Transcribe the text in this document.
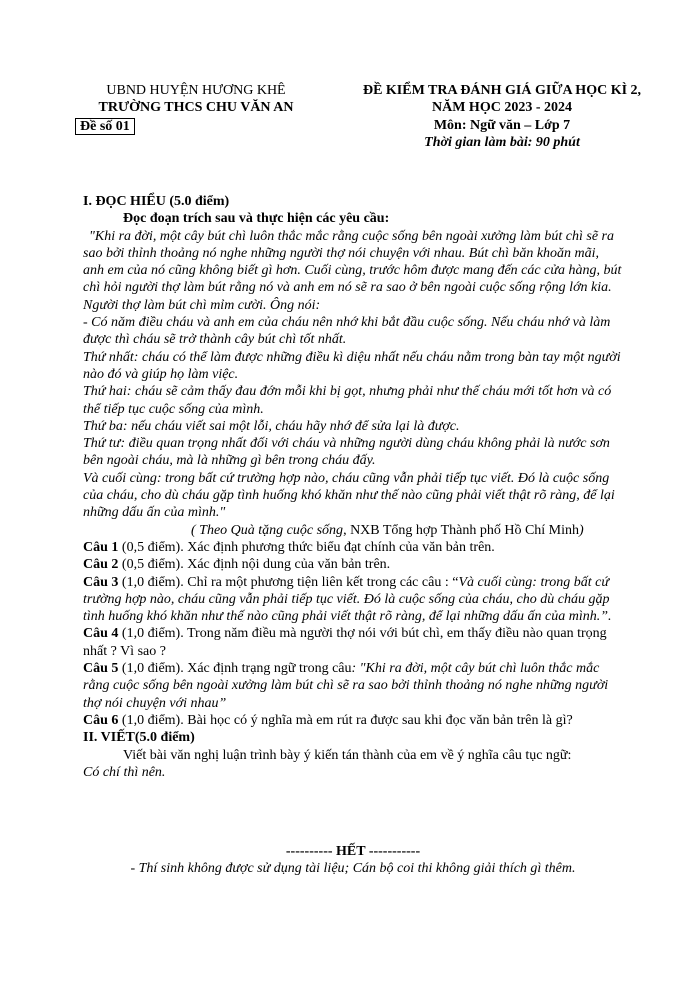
UBND HUYỆN HƯƠNG KHÊ
TRƯỜNG THCS CHU VĂN AN
Đề số 01
ĐỀ KIỂM TRA ĐÁNH GIÁ GIỮA HỌC KÌ 2,
NĂM HỌC 2023 - 2024
Môn: Ngữ văn – Lớp 7
Thời gian làm bài: 90 phút

I. ĐỌC HIỂU (5.0 điểm)

Đọc đoạn trích sau và thực hiện các yêu cầu:

"Khi ra đời, một cây bút chì luôn thắc mắc rằng cuộc sống bên ngoài xưởng làm bút chì sẽ ra sao bởi thỉnh thoảng nó nghe những người thợ nói chuyện với nhau. Bút chì băn khoăn mãi, anh em của nó cũng không biết gì hơn. Cuối cùng, trước hôm được mang đến các cửa hàng, bút chì hỏi người thợ làm bút rằng nó và anh em nó sẽ ra sao ở bên ngoài cuộc sống rộng lớn kia.

Người thợ làm bút chì mỉm cười. Ông nói:

- Có năm điều cháu và anh em của cháu nên nhớ khi bắt đầu cuộc sống. Nếu cháu nhớ và làm được thì cháu sẽ trở thành cây bút chì tốt nhất.

Thứ nhất: cháu có thể làm được những điều kì diệu nhất nếu cháu nằm trong bàn tay một người nào đó và giúp họ làm việc.

Thứ hai: cháu sẽ cảm thấy đau đớn mỗi khi bị gọt, nhưng phải như thế cháu mới tốt hơn và có thể tiếp tục cuộc sống của mình.

Thứ ba: nếu cháu viết sai một lỗi, cháu hãy nhớ để sửa lại là được.

Thứ tư: điều quan trọng nhất đối với cháu và những người dùng cháu không phải là nước sơn bên ngoài cháu, mà là những gì bên trong cháu đấy.

Và cuối cùng: trong bất cứ trường hợp nào, cháu cũng vẫn phải tiếp tục viết. Đó là cuộc sống của cháu, cho dù cháu gặp tình huống khó khăn như thế nào cũng phải viết thật rõ ràng, để lại những dấu ấn của mình."

( Theo Quà tặng cuộc sống, NXB Tổng hợp Thành phố Hồ Chí Minh)

Câu 1 (0,5 điểm). Xác định phương thức biểu đạt chính của văn bản trên.

Câu 2 (0,5 điểm). Xác định nội dung của văn bản trên.

Câu 3 (1,0 điểm). Chỉ ra một phương tiện liên kết trong các câu : “Và cuối cùng: trong bất cứ trường hợp nào, cháu cũng vẫn phải tiếp tục viết. Đó là cuộc sống của cháu, cho dù cháu gặp tình huống khó khăn như thế nào cũng phải viết thật rõ ràng, để lại những dấu ấn của mình.”.

Câu 4 (1,0 điểm). Trong năm điều mà người thợ nói với bút chì, em thấy điều nào quan trọng nhất ? Vì sao ?

Câu 5 (1,0 điểm). Xác định trạng ngữ trong câu: "Khi ra đời, một cây bút chì luôn thắc mắc rằng cuộc sống bên ngoài xưởng làm bút chì sẽ ra sao bởi thỉnh thoảng nó nghe những người thợ nói chuyện với nhau”

Câu 6 (1,0 điểm). Bài học có ý nghĩa mà em rút ra được sau khi đọc văn bản trên là gì?

II. VIẾT(5.0 điểm)

Viết bài văn nghị luận trình bày ý kiến tán thành của em về ý nghĩa câu tục ngữ:

Có chí thì nên.

---------- HẾT -----------
- Thí sinh không được sử dụng tài liệu; Cán bộ coi thi không giải thích gì thêm.
